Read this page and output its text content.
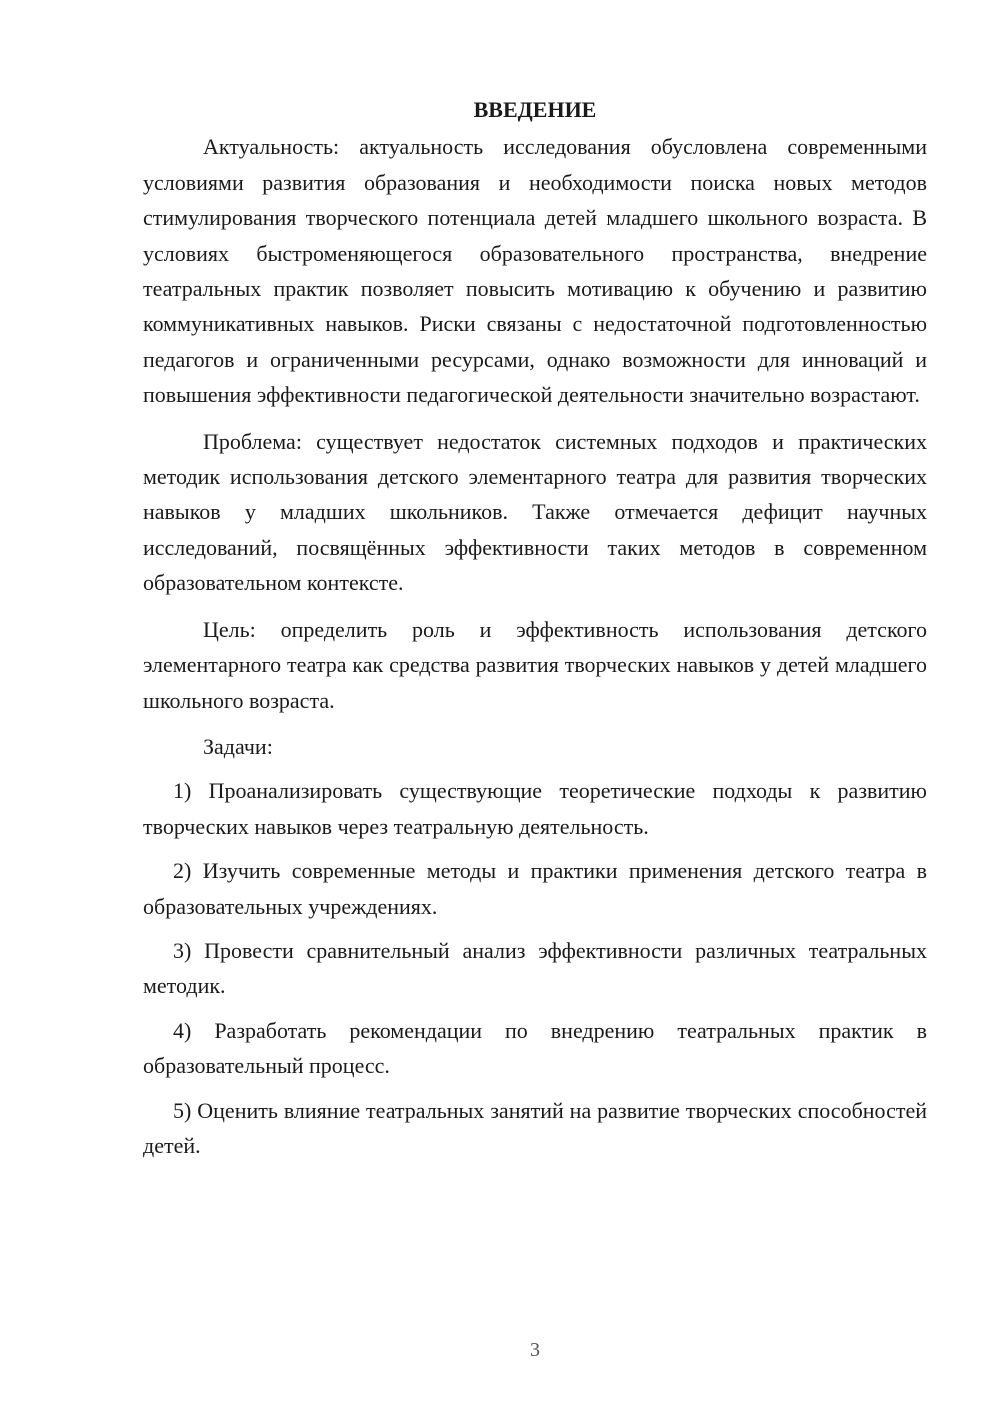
ВВЕДЕНИЕ

Актуальность: актуальность исследования обусловлена современными условиями развития образования и необходимости поиска новых методов стимулирования творческого потенциала детей младшего школьного возраста. В условиях быстроменяющегося образовательного пространства, внедрение театральных практик позволяет повысить мотивацию к обучению и развитию коммуникативных навыков. Риски связаны с недостаточной подготовленностью педагогов и ограниченными ресурсами, однако возможности для инноваций и повышения эффективности педагогической деятельности значительно возрастают.

Проблема: существует недостаток системных подходов и практических методик использования детского элементарного театра для развития творческих навыков у младших школьников. Также отмечается дефицит научных исследований, посвящённых эффективности таких методов в современном образовательном контексте.

Цель: определить роль и эффективность использования детского элементарного театра как средства развития творческих навыков у детей младшего школьного возраста.

Задачи:

1) Проанализировать существующие теоретические подходы к развитию творческих навыков через театральную деятельность.

2) Изучить современные методы и практики применения детского театра в образовательных учреждениях.

3) Провести сравнительный анализ эффективности различных театральных методик.

4) Разработать рекомендации по внедрению театральных практик в образовательный процесс.

5) Оценить влияние театральных занятий на развитие творческих способностей детей.

3
